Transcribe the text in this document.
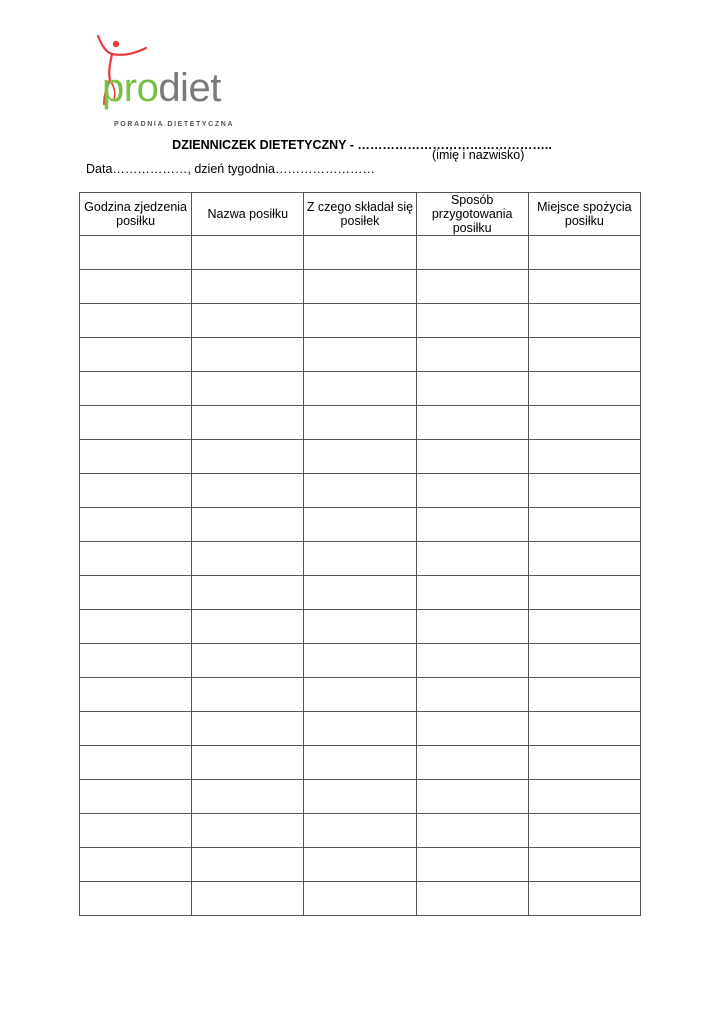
prodiet
PORADNIA DIETETYCZNA
DZIENNICZEK DIETETYCZNY - ………………………………………..
(imię i nazwisko)
Data………………, dzień tygodnia……………………
Godzina zjedzenia posiłku	Nazwa posiłku	Z czego składał się posiłek	Sposób przygotowania posiłku	Miejsce spożycia posiłku
